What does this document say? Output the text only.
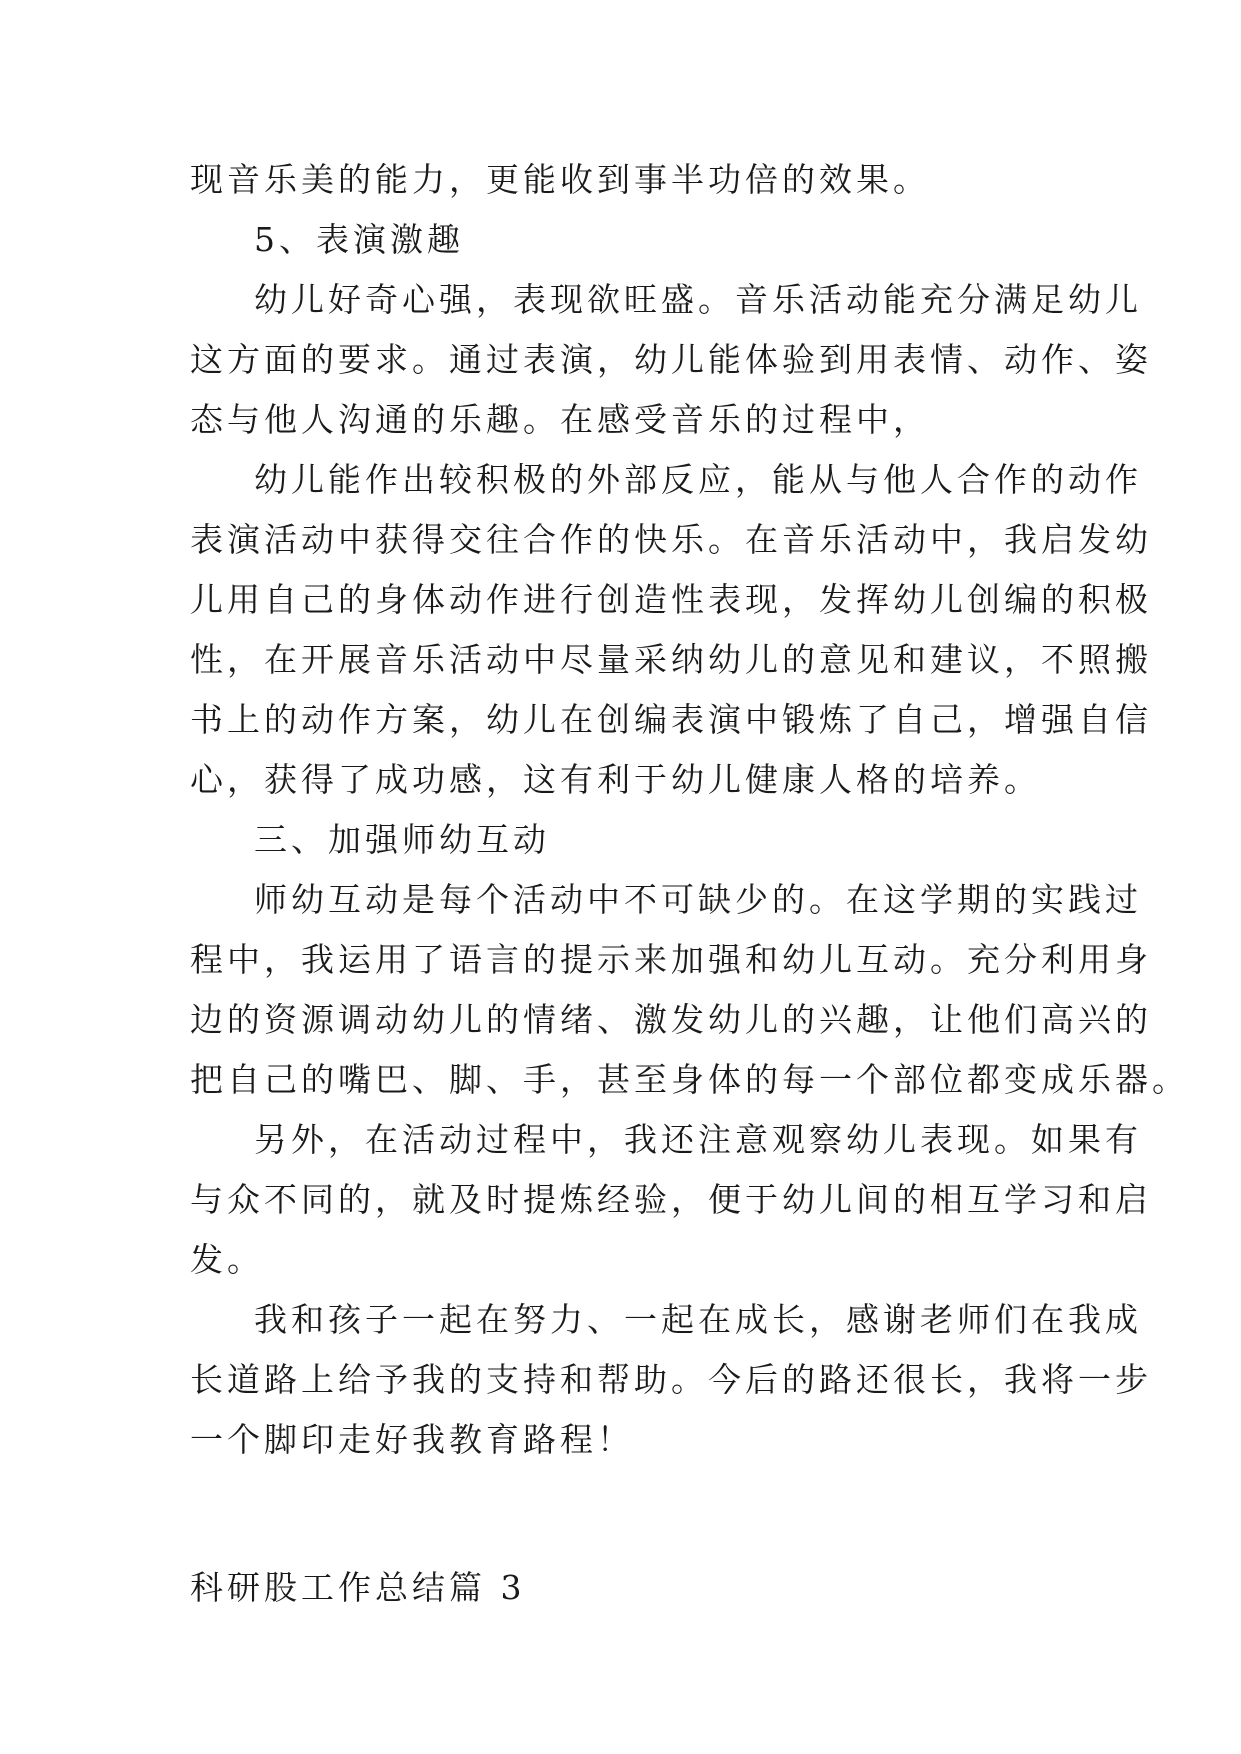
现音乐美的能力，更能收到事半功倍的效果。
5、表演激趣
幼儿好奇心强，表现欲旺盛。音乐活动能充分满足幼儿
这方面的要求。通过表演，幼儿能体验到用表情、动作、姿
态与他人沟通的乐趣。在感受音乐的过程中，
幼儿能作出较积极的外部反应，能从与他人合作的动作
表演活动中获得交往合作的快乐。在音乐活动中，我启发幼
儿用自己的身体动作进行创造性表现，发挥幼儿创编的积极
性，在开展音乐活动中尽量采纳幼儿的意见和建议，不照搬
书上的动作方案，幼儿在创编表演中锻炼了自己，增强自信
心，获得了成功感，这有利于幼儿健康人格的培养。
三、加强师幼互动
师幼互动是每个活动中不可缺少的。在这学期的实践过
程中，我运用了语言的提示来加强和幼儿互动。充分利用身
边的资源调动幼儿的情绪、激发幼儿的兴趣，让他们高兴的
把自己的嘴巴、脚、手，甚至身体的每一个部位都变成乐器。
另外，在活动过程中，我还注意观察幼儿表现。如果有
与众不同的，就及时提炼经验，便于幼儿间的相互学习和启
发。
我和孩子一起在努力、一起在成长，感谢老师们在我成
长道路上给予我的支持和帮助。今后的路还很长，我将一步
一个脚印走好我教育路程！
科研股工作总结篇 3
